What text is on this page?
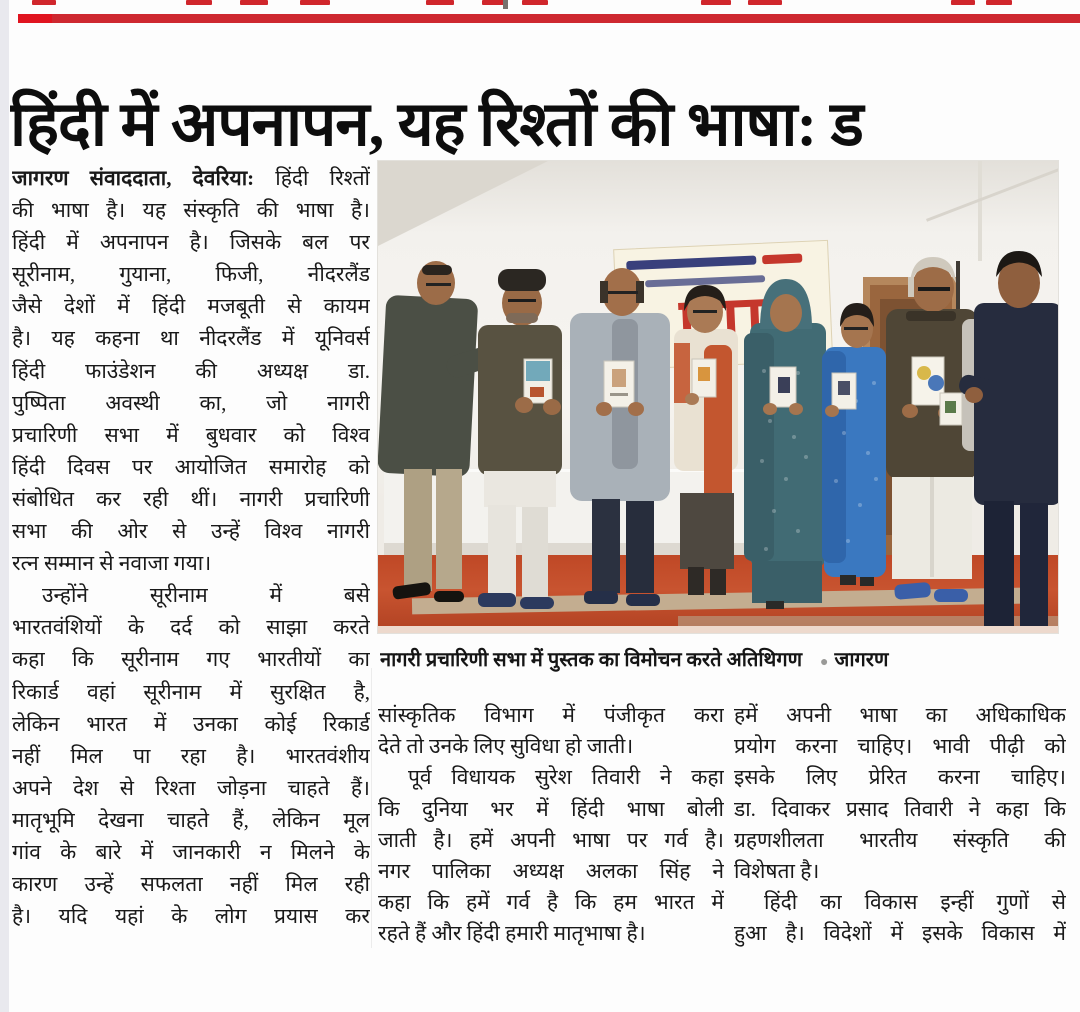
हिंदी में अपनापन, यह रिश्तों की भाषा: ड
जागरण संवाददाता, देवरिया: हिंदी रिश्तों
की भाषा है। यह संस्कृति की भाषा है।
हिंदी में अपनापन है। जिसके बल पर
सूरीनाम, गुयाना, फिजी, नीदरलैंड
जैसे देशों में हिंदी मजबूती से कायम
है। यह कहना था नीदरलैंड में यूनिवर्स
हिंदी फाउंडेशन की अध्यक्ष डा.
पुष्पिता अवस्थी का, जो नागरी
प्रचारिणी सभा में बुधवार को विश्व
हिंदी दिवस पर आयोजित समारोह को
संबोधित कर रही थीं। नागरी प्रचारिणी
सभा की ओर से उन्हें विश्व नागरी
रत्न सम्मान से नवाजा गया।
उन्होंने सूरीनाम में बसे
भारतवंशियों के दर्द को साझा करते
कहा कि सूरीनाम गए भारतीयों का
रिकार्ड वहां सूरीनाम में सुरक्षित है,
लेकिन भारत में उनका कोई रिकार्ड
नहीं मिल पा रहा है। भारतवंशीय
अपने देश से रिश्ता जोड़ना चाहते हैं।
मातृभूमि देखना चाहते हैं, लेकिन मूल
गांव के बारे में जानकारी न मिलने के
कारण उन्हें सफलता नहीं मिल रही
है। यदि यहां के लोग प्रयास कर
नागरी प्रचारिणी सभा में पुस्तक का विमोचन करते अतिथिगण ● जागरण
सांस्कृतिक विभाग में पंजीकृत करा
देते तो उनके लिए सुविधा हो जाती।
पूर्व विधायक सुरेश तिवारी ने कहा
कि दुनिया भर में हिंदी भाषा बोली
जाती है। हमें अपनी भाषा पर गर्व है।
नगर पालिका अध्यक्ष अलका सिंह ने
कहा कि हमें गर्व है कि हम भारत में
रहते हैं और हिंदी हमारी मातृभाषा है।
हमें अपनी भाषा का अधिकाधिक
प्रयोग करना चाहिए। भावी पीढ़ी को
इसके लिए प्रेरित करना चाहिए।
डा. दिवाकर प्रसाद तिवारी ने कहा कि
ग्रहणशीलता भारतीय संस्कृति की
विशेषता है।
हिंदी का विकास इन्हीं गुणों से
हुआ है। विदेशों में इसके विकास में
